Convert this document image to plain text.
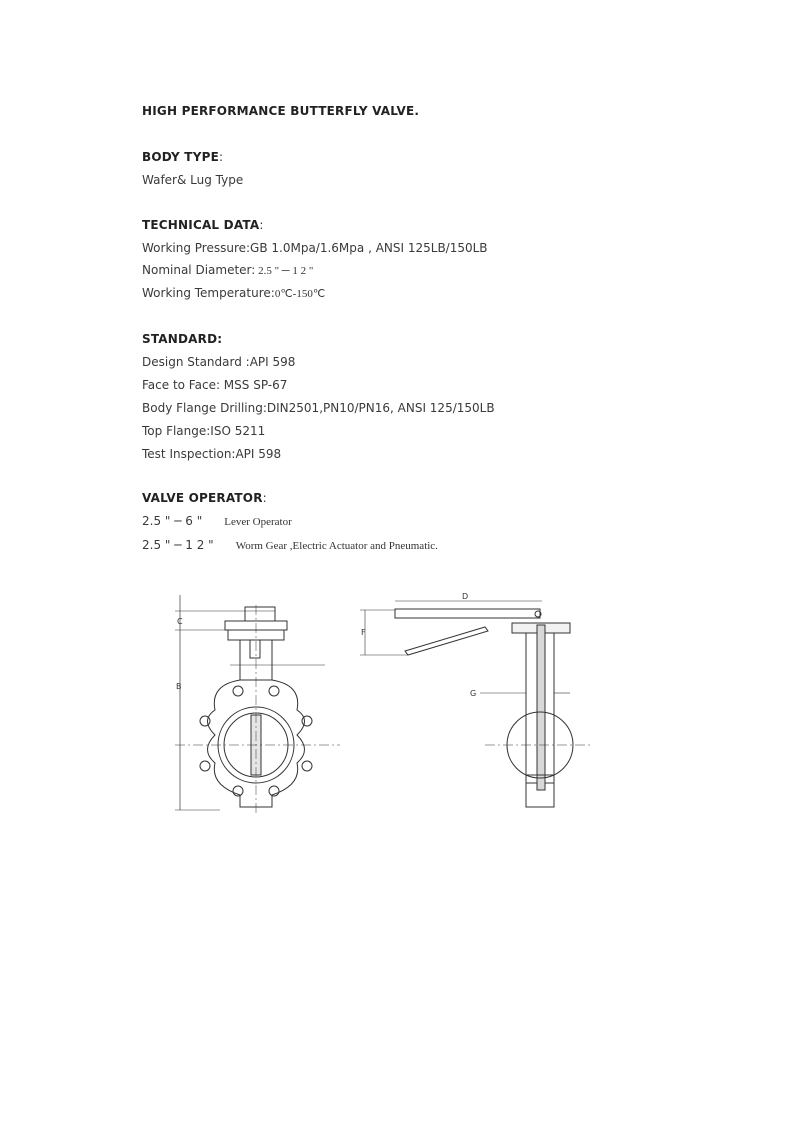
HIGH PERFORMANCE BUTTERFLY VALVE.
BODY TYPE:
Wafer& Lug Type
TECHNICAL DATA:
Working Pressure:GB 1.0Mpa/1.6Mpa , ANSI 125LB/150LB
Nominal Diameter: 2.5 " ─ 1 2 "
Working Temperature:0℃-150℃
STANDARD:
Design Standard :API 598
Face to Face: MSS SP-67
Body Flange Drilling:DIN2501,PN10/PN16, ANSI 125/150LB
Top Flange:ISO 5211
Test Inspection:API 598
VALVE OPERATOR:
2.5 " ─ 6 " Lever Operator
2.5 " ─ 1 2 " Worm Gear ,Electric Actuator and Pneumatic.
C
B
D
F
G
